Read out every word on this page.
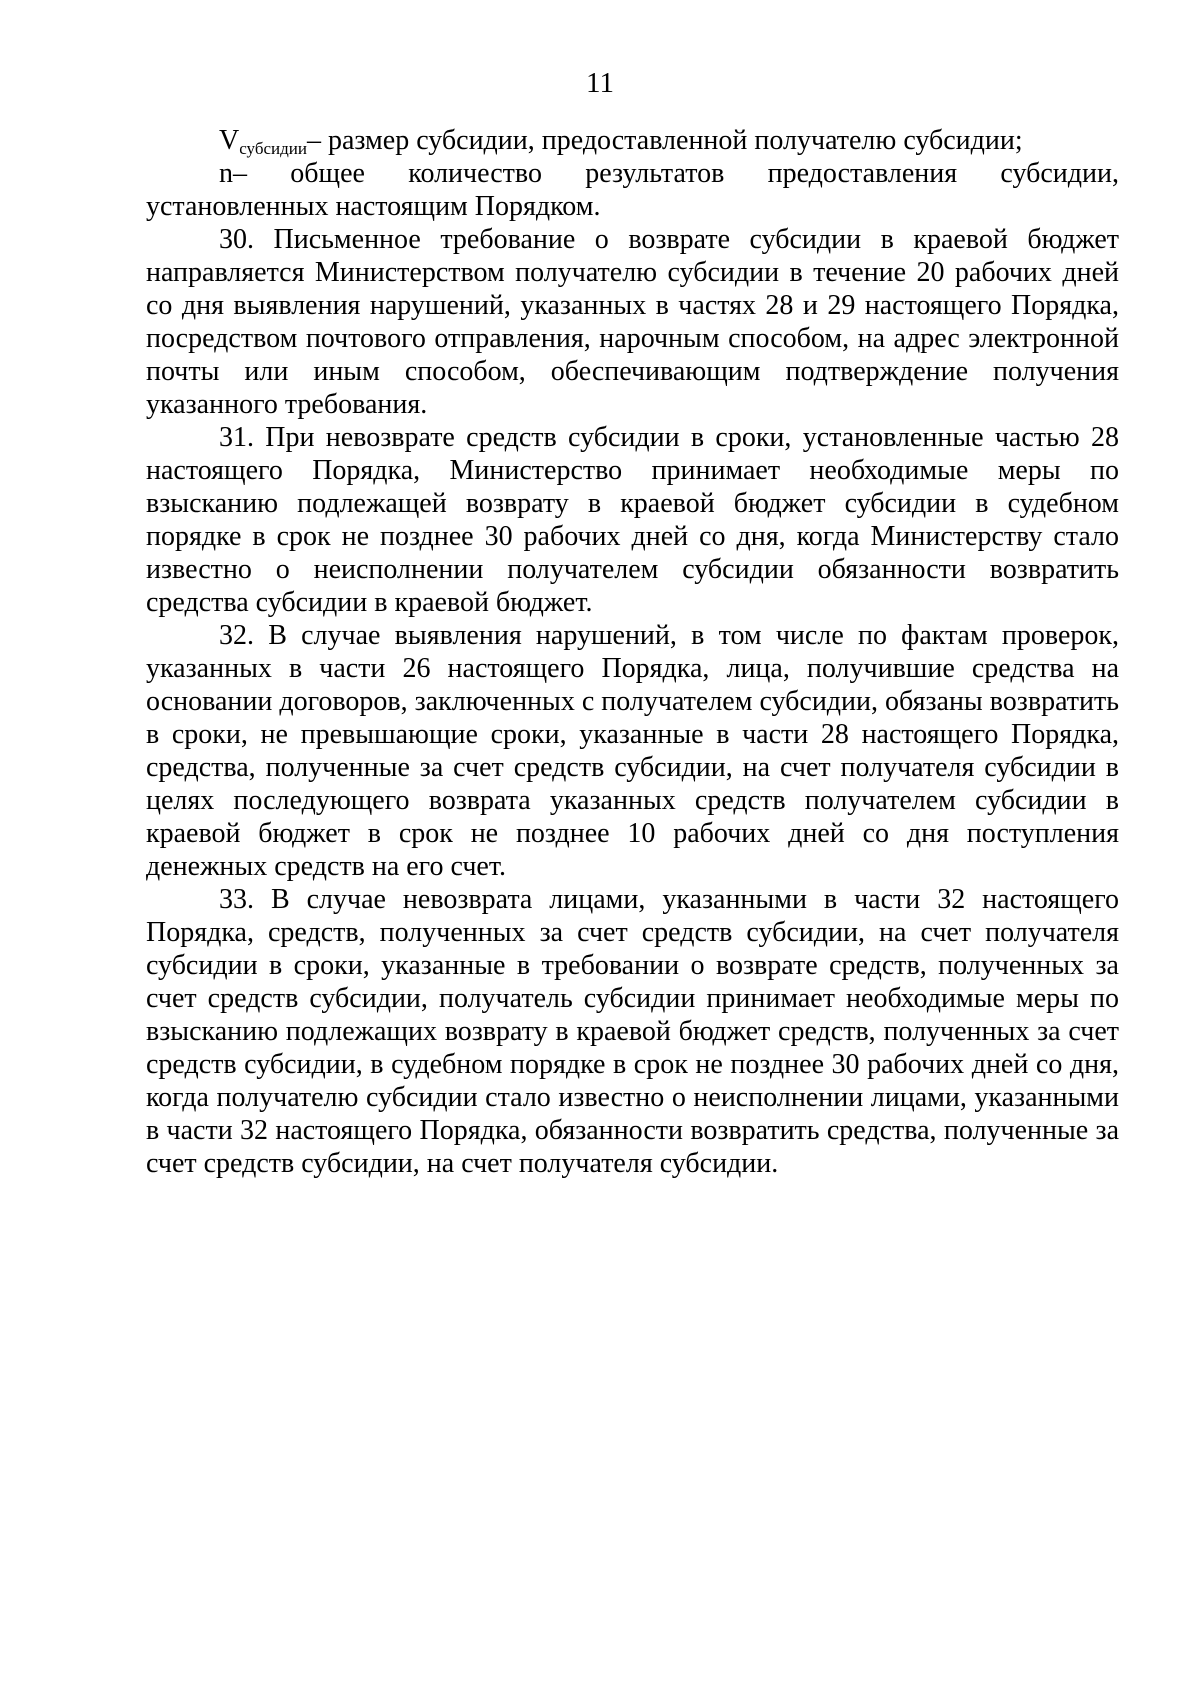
11

$V_{субсидии}-$ размер субсидии, предоставленной получателю субсидии;

n– общее количество результатов предоставления субсидии, установленных настоящим Порядком.

30. Письменное требование о возврате субсидии в краевой бюджет направляется Министерством получателю субсидии в течение 20 рабочих дней со дня выявления нарушений, указанных в частях 28 и 29 настоящего Порядка, посредством почтового отправления, нарочным способом, на адрес электронной почты или иным способом, обеспечивающим подтверждение получения указанного требования.

31. При невозврате средств субсидии в сроки, установленные частью 28 настоящего Порядка, Министерство принимает необходимые меры по взысканию подлежащей возврату в краевой бюджет субсидии в судебном порядке в срок не позднее 30 рабочих дней со дня, когда Министерству стало известно о неисполнении получателем субсидии обязанности возвратить средства субсидии в краевой бюджет.

32. В случае выявления нарушений, в том числе по фактам проверок, указанных в части 26 настоящего Порядка, лица, получившие средства на основании договоров, заключенных с получателем субсидии, обязаны возвратить в сроки, не превышающие сроки, указанные в части 28 настоящего Порядка, средства, полученные за счет средств субсидии, на счет получателя субсидии в целях последующего возврата указанных средств получателем субсидии в краевой бюджет в срок не позднее 10 рабочих дней со дня поступления денежных средств на его счет.

33. В случае невозврата лицами, указанными в части 32 настоящего Порядка, средств, полученных за счет средств субсидии, на счет получателя субсидии в сроки, указанные в требовании о возврате средств, полученных за счет средств субсидии, получатель субсидии принимает необходимые меры по взысканию подлежащих возврату в краевой бюджет средств, полученных за счет средств субсидии, в судебном порядке в срок не позднее 30 рабочих дней со дня, когда получателю субсидии стало известно о неисполнении лицами, указанными в части 32 настоящего Порядка, обязанности возвратить средства, полученные за счет средств субсидии, на счет получателя субсидии.
